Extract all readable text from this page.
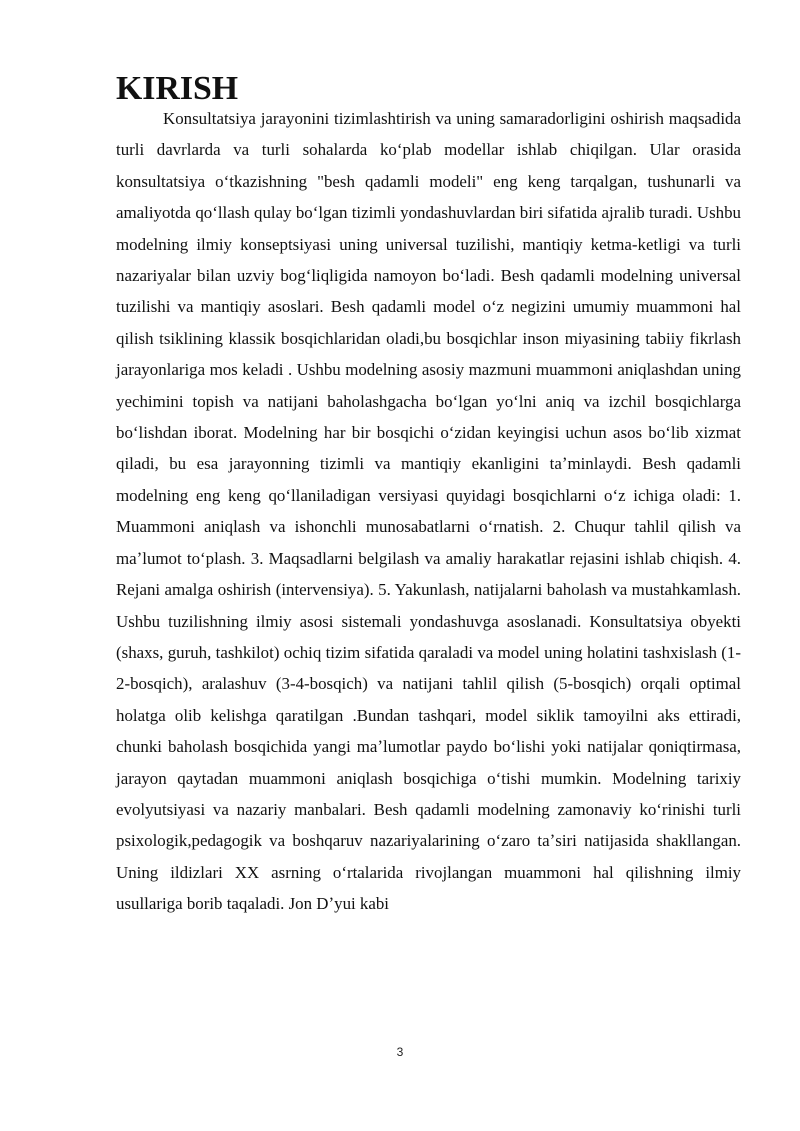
KIRISH

Konsultatsiya jarayonini tizimlashtirish va uning samaradorligini oshirish maqsadida turli davrlarda va turli sohalarda koʻplab modellar ishlab chiqilgan. Ular orasida konsultatsiya oʻtkazishning "besh qadamli modeli" eng keng tarqalgan, tushunarli va amaliyotda qoʻllash qulay boʻlgan tizimli yondashuvlardan biri sifatida ajralib turadi. Ushbu modelning ilmiy konseptsiyasi uning universal tuzilishi, mantiqiy ketma-ketligi va turli nazariyalar bilan uzviy bogʻliqligida namoyon boʻladi. Besh qadamli modelning universal tuzilishi va mantiqiy asoslari. Besh qadamli model oʻz negizini umumiy muammoni hal qilish tsiklining klassik bosqichlaridan oladi,bu bosqichlar inson miyasining tabiiy fikrlash jarayonlariga mos keladi . Ushbu modelning asosiy mazmuni muammoni aniqlashdan uning yechimini topish va natijani baholashgacha boʻlgan yoʻlni aniq va izchil bosqichlarga boʻlishdan iborat. Modelning har bir bosqichi oʻzidan keyingisi uchun asos boʻlib xizmat qiladi, bu esa jarayonning tizimli va mantiqiy ekanligini taʼminlaydi. Besh qadamli modelning eng keng qoʻllaniladigan versiyasi quyidagi bosqichlarni oʻz ichiga oladi: 1. Muammoni aniqlash va ishonchli munosabatlarni oʻrnatish. 2. Chuqur tahlil qilish va maʼlumot toʻplash. 3. Maqsadlarni belgilash va amaliy harakatlar rejasini ishlab chiqish. 4. Rejani amalga oshirish (intervensiya). 5. Yakunlash, natijalarni baholash va mustahkamlash. Ushbu tuzilishning ilmiy asosi sistemali yondashuvga asoslanadi. Konsultatsiya obyekti (shaxs, guruh, tashkilot) ochiq tizim sifatida qaraladi va model uning holatini tashxislash (1-2-bosqich), aralashuv (3-4-bosqich) va natijani tahlil qilish (5-bosqich) orqali optimal holatga olib kelishga qaratilgan .Bundan tashqari, model siklik tamoyilni aks ettiradi, chunki baholash bosqichida yangi maʼlumotlar paydo boʻlishi yoki natijalar qoniqtirmasa, jarayon qaytadan muammoni aniqlash bosqichiga oʻtishi mumkin. Modelning tarixiy evolyutsiyasi va nazariy manbalari. Besh qadamli modelning zamonaviy koʻrinishi turli psixologik,pedagogik va boshqaruv nazariyalarining oʻzaro taʼsiri natijasida shakllangan. Uning ildizlari XX asrning oʻrtalarida rivojlangan muammoni hal qilishning ilmiy usullariga borib taqaladi. Jon Dʼyui kabi

3
